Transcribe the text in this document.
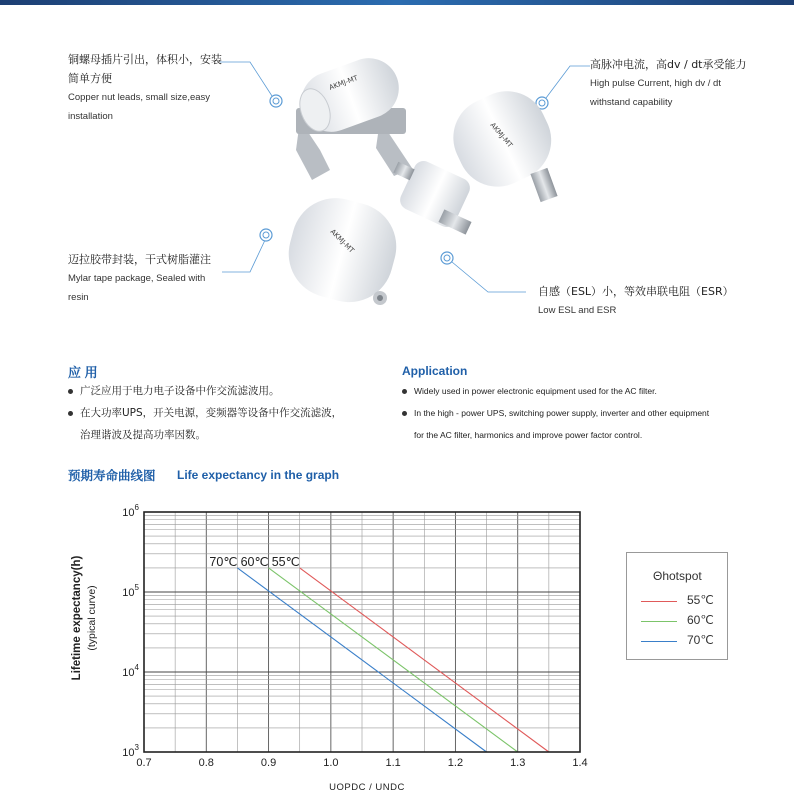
AKMJ-MT
AKMJ-MT
AKMJ-MT
铜螺母插片引出，体积小，安装
简单方便
Copper nut leads, small size,easy
installation
高脉冲电流，高dv / dt承受能力
High pulse Current, high dv / dt
withstand capability
迈拉胶带封装，干式树脂灌注
Mylar tape package, Sealed with
resin	自感（ESL）小，等效串联电阻（ESR）
Low ESL and ESR
应 用	Application
广泛应用于电力电子设备中作交流滤波用。
在大功率UPS，开关电源，变频器等设备中作交流滤波，
治理谐波及提高功率因数。
Widely used in power electronic equipment used for the AC filter.
In the high - power UPS, switching power supply, inverter and other equipment
for the AC filter, harmonics and improve power factor control.
预期寿命曲线图 Life expectancy in the graph
70℃ 60℃ 55℃
0.7	0.8	0.9	1.0	1.1	1.2	1.3	1.4
$10^3$
$10^4$
$10^5$
$10^6$
Lifetime expectancy(h) (typical curve)
UOPDC / UNDC
Θhotspot
55℃
60℃
70℃
